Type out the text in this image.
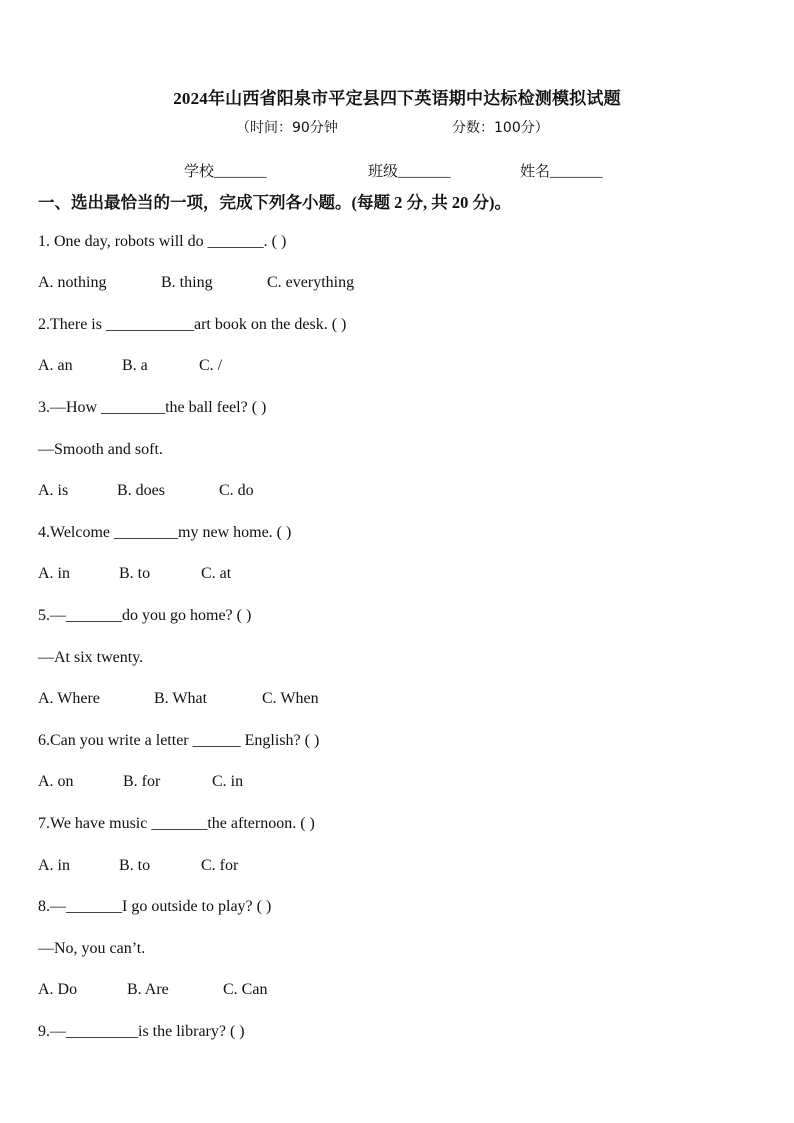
2024年山西省阳泉市平定县四下英语期中达标检测模拟试题
（时间：90分钟	分数：100分）
学校_______	班级_______	姓名_______
一、选出最恰当的一项，完成下列各小题。(每题 2 分, 共 20 分)。
1. One day, robots will do _______. ( )
A. nothing	B. thing	C. everything
2.There is ___________art book on the desk. ( )
A. an	B. a	C. /
3.—How ________the ball feel? ( )
—Smooth and soft.
A. is	B. does	C. do
4.Welcome ________my new home. ( )
A. in	B. to	C. at
5.—_______do you go home? ( )
—At six twenty.
A. Where	B. What	C. When
6.Can you write a letter ______ English? ( )
A. on	B. for	C. in
7.We have music _______the afternoon. ( )
A. in	B. to	C. for
8.—_______I go outside to play? ( )
—No, you can’t.
A. Do	B. Are	C. Can
9.—_________is the library? ( )
